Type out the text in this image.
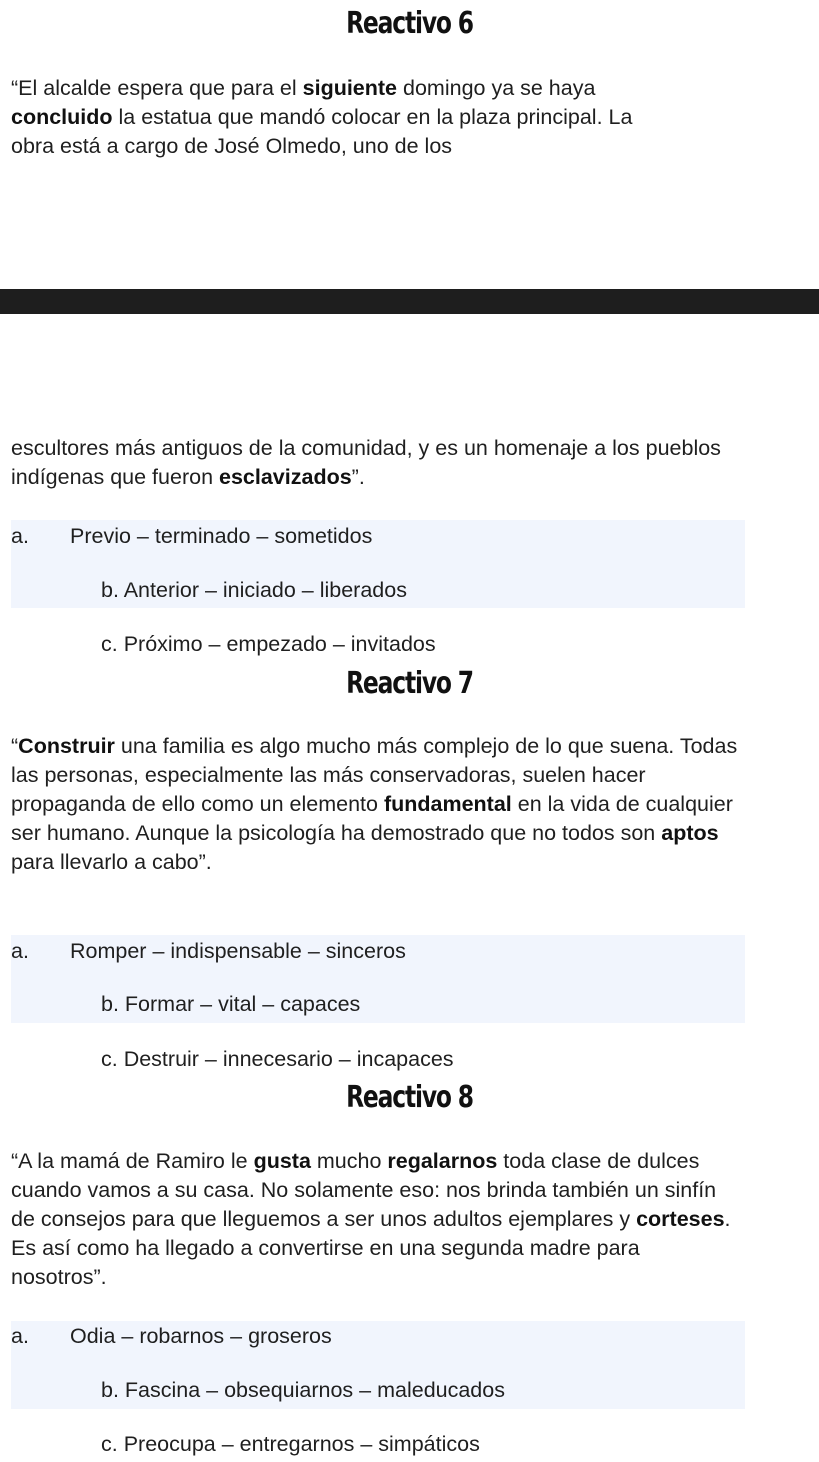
Reactivo 6

“El alcalde espera que para el siguiente domingo ya se haya concluido la estatua que mandó colocar en la plaza principal. La obra está a cargo de José Olmedo, uno de los

escultores más antiguos de la comunidad, y es un homenaje a los pueblos indígenas que fueron esclavizados”.

a. Previo – terminado – sometidos
b. Anterior – iniciado – liberados
c. Próximo – empezado – invitados
Reactivo 7

“Construir una familia es algo mucho más complejo de lo que suena. Todas las personas, especialmente las más conservadoras, suelen hacer propaganda de ello como un elemento fundamental en la vida de cualquier ser humano. Aunque la psicología ha demostrado que no todos son aptos para llevarlo a cabo”.

a. Romper – indispensable – sinceros
b. Formar – vital – capaces
c. Destruir – innecesario – incapaces
Reactivo 8

“A la mamá de Ramiro le gusta mucho regalarnos toda clase de dulces cuando vamos a su casa. No solamente eso: nos brinda también un sinfín de consejos para que lleguemos a ser unos adultos ejemplares y corteses. Es así como ha llegado a convertirse en una segunda madre para nosotros”.

a. Odia – robarnos – groseros
b. Fascina – obsequiarnos – maleducados
c. Preocupa – entregarnos – simpáticos
